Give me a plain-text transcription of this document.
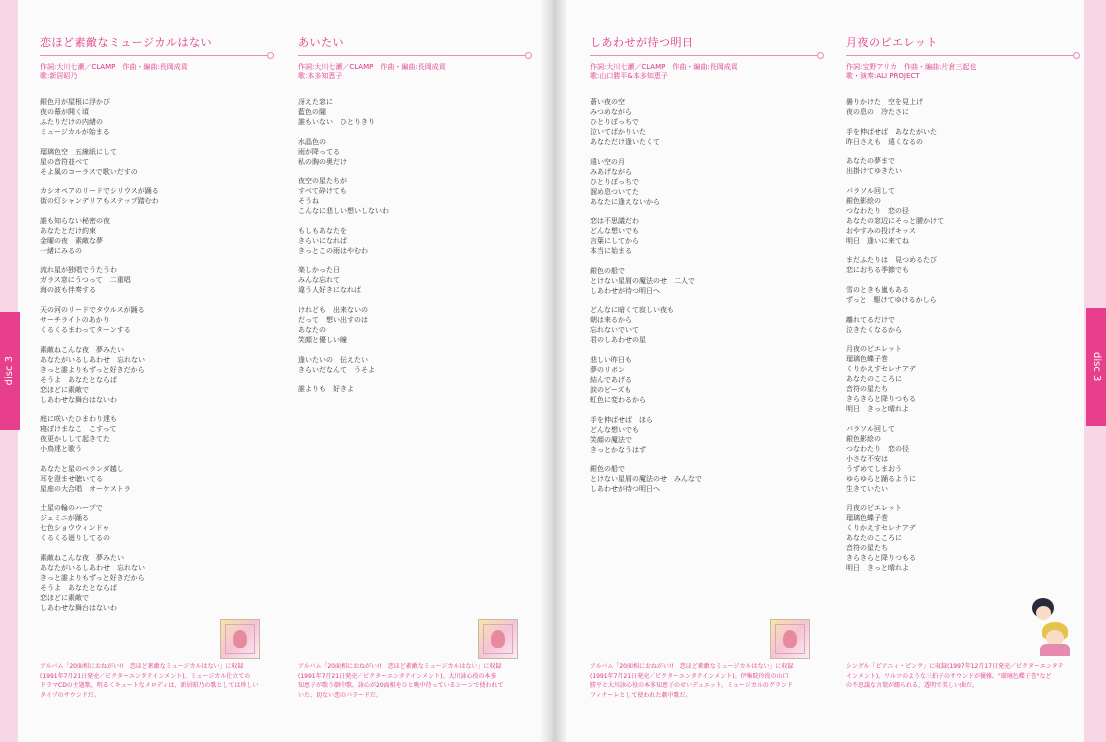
disc 3	disc 3
恋ほど素敵なミュージカルはない
作詞:大川七瀬／CLAMP　作曲・編曲:長岡成貢
歌:新居昭乃
銀色月が屋根に浮かび
夜の幕が開く頃
ふたりだけの内緒の
ミュージカルが始まる
瑠璃色空　五線紙にして
星の音符並べて
そよ風のコーラスで歌いだすの
カシオペアのリードでシリウスが踊る
街の灯シャンデリアもステップ踏むわ
誰も知らない秘密の夜
あなたとだけ約束
金曜の夜　素敵な夢
一緒にみるの
流れ星が独唱でうたうわ
ガラス窓にうつって　二重唱
海の波も伴奏する
天の河のリードでタウルスが踊る
サーチライトのあかり
くるくるまわってターンする
素敵ねこんな夜　夢みたい
あなたがいるしあわせ　忘れない
きっと誰よりもずっと好きだから
そうよ　あなたとならば
恋ほどに素敵で
しあわせな舞台はないわ
庭に咲いたひまわり達も
寝ぼけまなこ　こすって
夜更かしして起きてた
小鳥達と歌う
あなたと星のベランダ越し
耳を澄ませ聴いてる
星座の大合唱　オーケストラ
土星の輪のハープで
ジェミニが踊る
七色ショウウィンドゥ
くるくる廻りしてるの
素敵ねこんな夜　夢みたい
あなたがいるしあわせ　忘れない
きっと誰よりもずっと好きだから
そうよ　あなたとならば
恋ほどに素敵で
しあわせな舞台はないわ
あいたい
作詞:大川七瀬／CLAMP　作曲・編曲:長岡成貢
歌:本多知恵子
冴えた窓に
藍色の闇
誰もいない　ひとりきり
水晶色の
雨が降ってる
私の胸の奥だけ
夜空の星たちが
すべて砕けても
そうね
こんなに悲しい想いしないわ
もしもあなたを
きらいになれば
きっとこの雨はやむわ
楽しかった日
みんな忘れて
違う人好きになれば
けれども　出来ないの
だって　想い出すのは
あなたの
笑顔と優しい瞳
逢いたいの　伝えたい
きらいだなんて　うそよ
誰よりも　好きよ
しあわせが待つ明日
作詞:大川七瀬／CLAMP　作曲・編曲:長岡成貢
歌:山口勝平&本多知恵子
蒼い夜の空
みつめながら
ひとりぼっちで
泣いてばかりいた
あなただけ逢いたくて
遠い空の月
みあげながら
ひとりぼっちで
溜め息ついてた
あなたに逢えないから
恋は不思議だわ
どんな想いでも
言葉にしてから
本当に始まる
銀色の船で
とけない星屑の魔法のせ　二人で
しあわせが待つ明日へ
どんなに暗くて寂しい夜も
朝は来るから
忘れないでいて
君のしあわせの星
悲しい昨日も
夢のリボン
結んであげる
涙のビーズも
虹色に変わるから
手を伸ばせば　ほら
どんな想いでも
笑顔の魔法で
きっとかなうはず
銀色の船で
とけない星屑の魔法のせ　みんなで
しあわせが待つ明日へ
月夜のピエレット
作詞:宝野アリカ　作曲・編曲:片倉三起也
歌・演奏:ALI PROJECT
曇りかけた　空を見上げ
夜の息の　冷たさに
手を伸ばせば　あなたがいた
昨日さえも　遠くなるの
あなたの夢まで
出掛けてゆきたい
パラソル回して
銀色影絵の
つなわたり　恋の径
あなたの窓辺にそっと腰かけて
おやすみの投げキッス
明日　逢いに来てね
まだふたりは　見つめるたび
恋におちる季節でも
雪のときも嵐もある
ずっと　駆けてゆけるかしら
離れてるだけで
泣きたくなるから
月夜のピエレット
瑠璃色蝶子巻
くりかえすセレナアデ
あなたのこころに
音符の星たち
きらきらと降りつもる
明日　きっと晴れよ
パラソル回して
銀色影絵の
つなわたり　恋の径
小さな不安は
うずめてしまおう
ゆらゆらと踊るように
生きていたい
月夜のピエレット
瑠璃色蝶子巻
くりかえすセレナアデ
あなたのこころに
音符の星たち
きらきらと降りつもる
明日　きっと晴れよ
アルバム「20面相におねがい!!　恋ほど素敵なミュージカルはない」に収録
(1991年7月21日発売／ビクターエンタテインメント)。ミュージカル仕立ての
ドラマCDの主題歌。明るくキュートなメロディは、新居昭乃の歌としては珍しい
タイプのサウンドだ。
アルバム「20面相におねがい!!　恋ほど素敵なミュージカルはない」に収録
(1991年7月21日発売／ビクターエンタテインメント)。大川詠心役の本多
知恵子が歌う劇中歌。詠心が20面相をひと晩中待っているシーンで使われて
いた、切ない恋のバラードだ。
アルバム「20面相におねがい!!　恋ほど素敵なミュージカルはない」に収録
(1991年7月21日発売／ビクターエンタテインメント)。伊集院玲役の山口
勝平と大川詠心役の本多知恵子のせいデュエット。ミュージカルのグランド
フィナーレとして使われた劇中歌だ。
シングル「ピアニィ・ピンク」に収録(1997年12月17日発売／ビクターエンタテ
インメント)。ワルツのような三拍子のサウンドが優雅。"瑠璃色蝶子巻"など
の不思議な言葉が綴られる、透明で美しい曲だ。
